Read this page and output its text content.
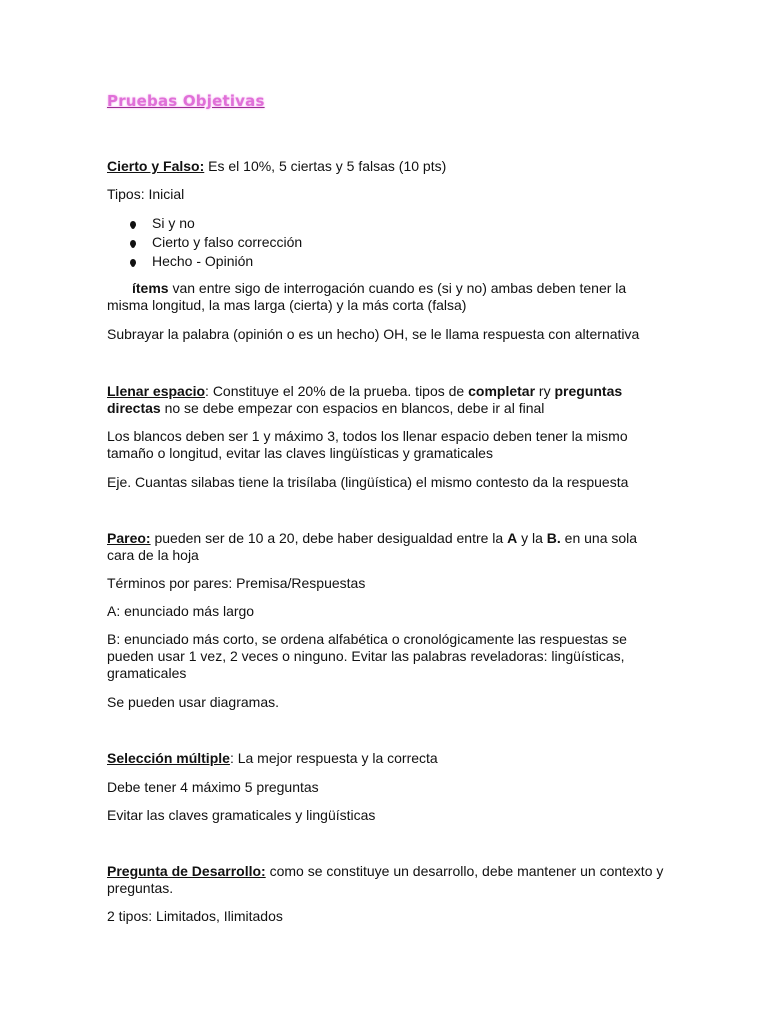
Pruebas Objetivas

Cierto y Falso: Es el 10%, 5 ciertas y 5 falsas (10 pts)

Tipos: Inicial

Si y no
Cierto y falso corrección
Hecho - Opinión

ítems van entre sigo de interrogación cuando es (si y no) ambas deben tener la misma longitud, la mas larga (cierta) y la más corta (falsa)

Subrayar la palabra (opinión o es un hecho) OH, se le llama respuesta con alternativa

Llenar espacio: Constituye el 20% de la prueba. tipos de completar ry preguntas directas no se debe empezar con espacios en blancos, debe ir al final

Los blancos deben ser 1 y máximo 3, todos los llenar espacio deben tener la mismo tamaño o longitud, evitar las claves lingüísticas y gramaticales

Eje. Cuantas silabas tiene la trisílaba (lingüística) el mismo contesto da la respuesta

Pareo: pueden ser de 10 a 20, debe haber desigualdad entre la A y la B. en una sola cara de la hoja

Términos por pares: Premisa/Respuestas

A: enunciado más largo

B: enunciado más corto, se ordena alfabética o cronológicamente las respuestas se pueden usar 1 vez, 2 veces o ninguno. Evitar las palabras reveladoras: lingüísticas, gramaticales

Se pueden usar diagramas.

Selección múltiple: La mejor respuesta y la correcta

Debe tener 4 máximo 5 preguntas

Evitar las claves gramaticales y lingüísticas

Pregunta de Desarrollo: como se constituye un desarrollo, debe mantener un contexto y preguntas.

2 tipos: Limitados, Ilimitados
